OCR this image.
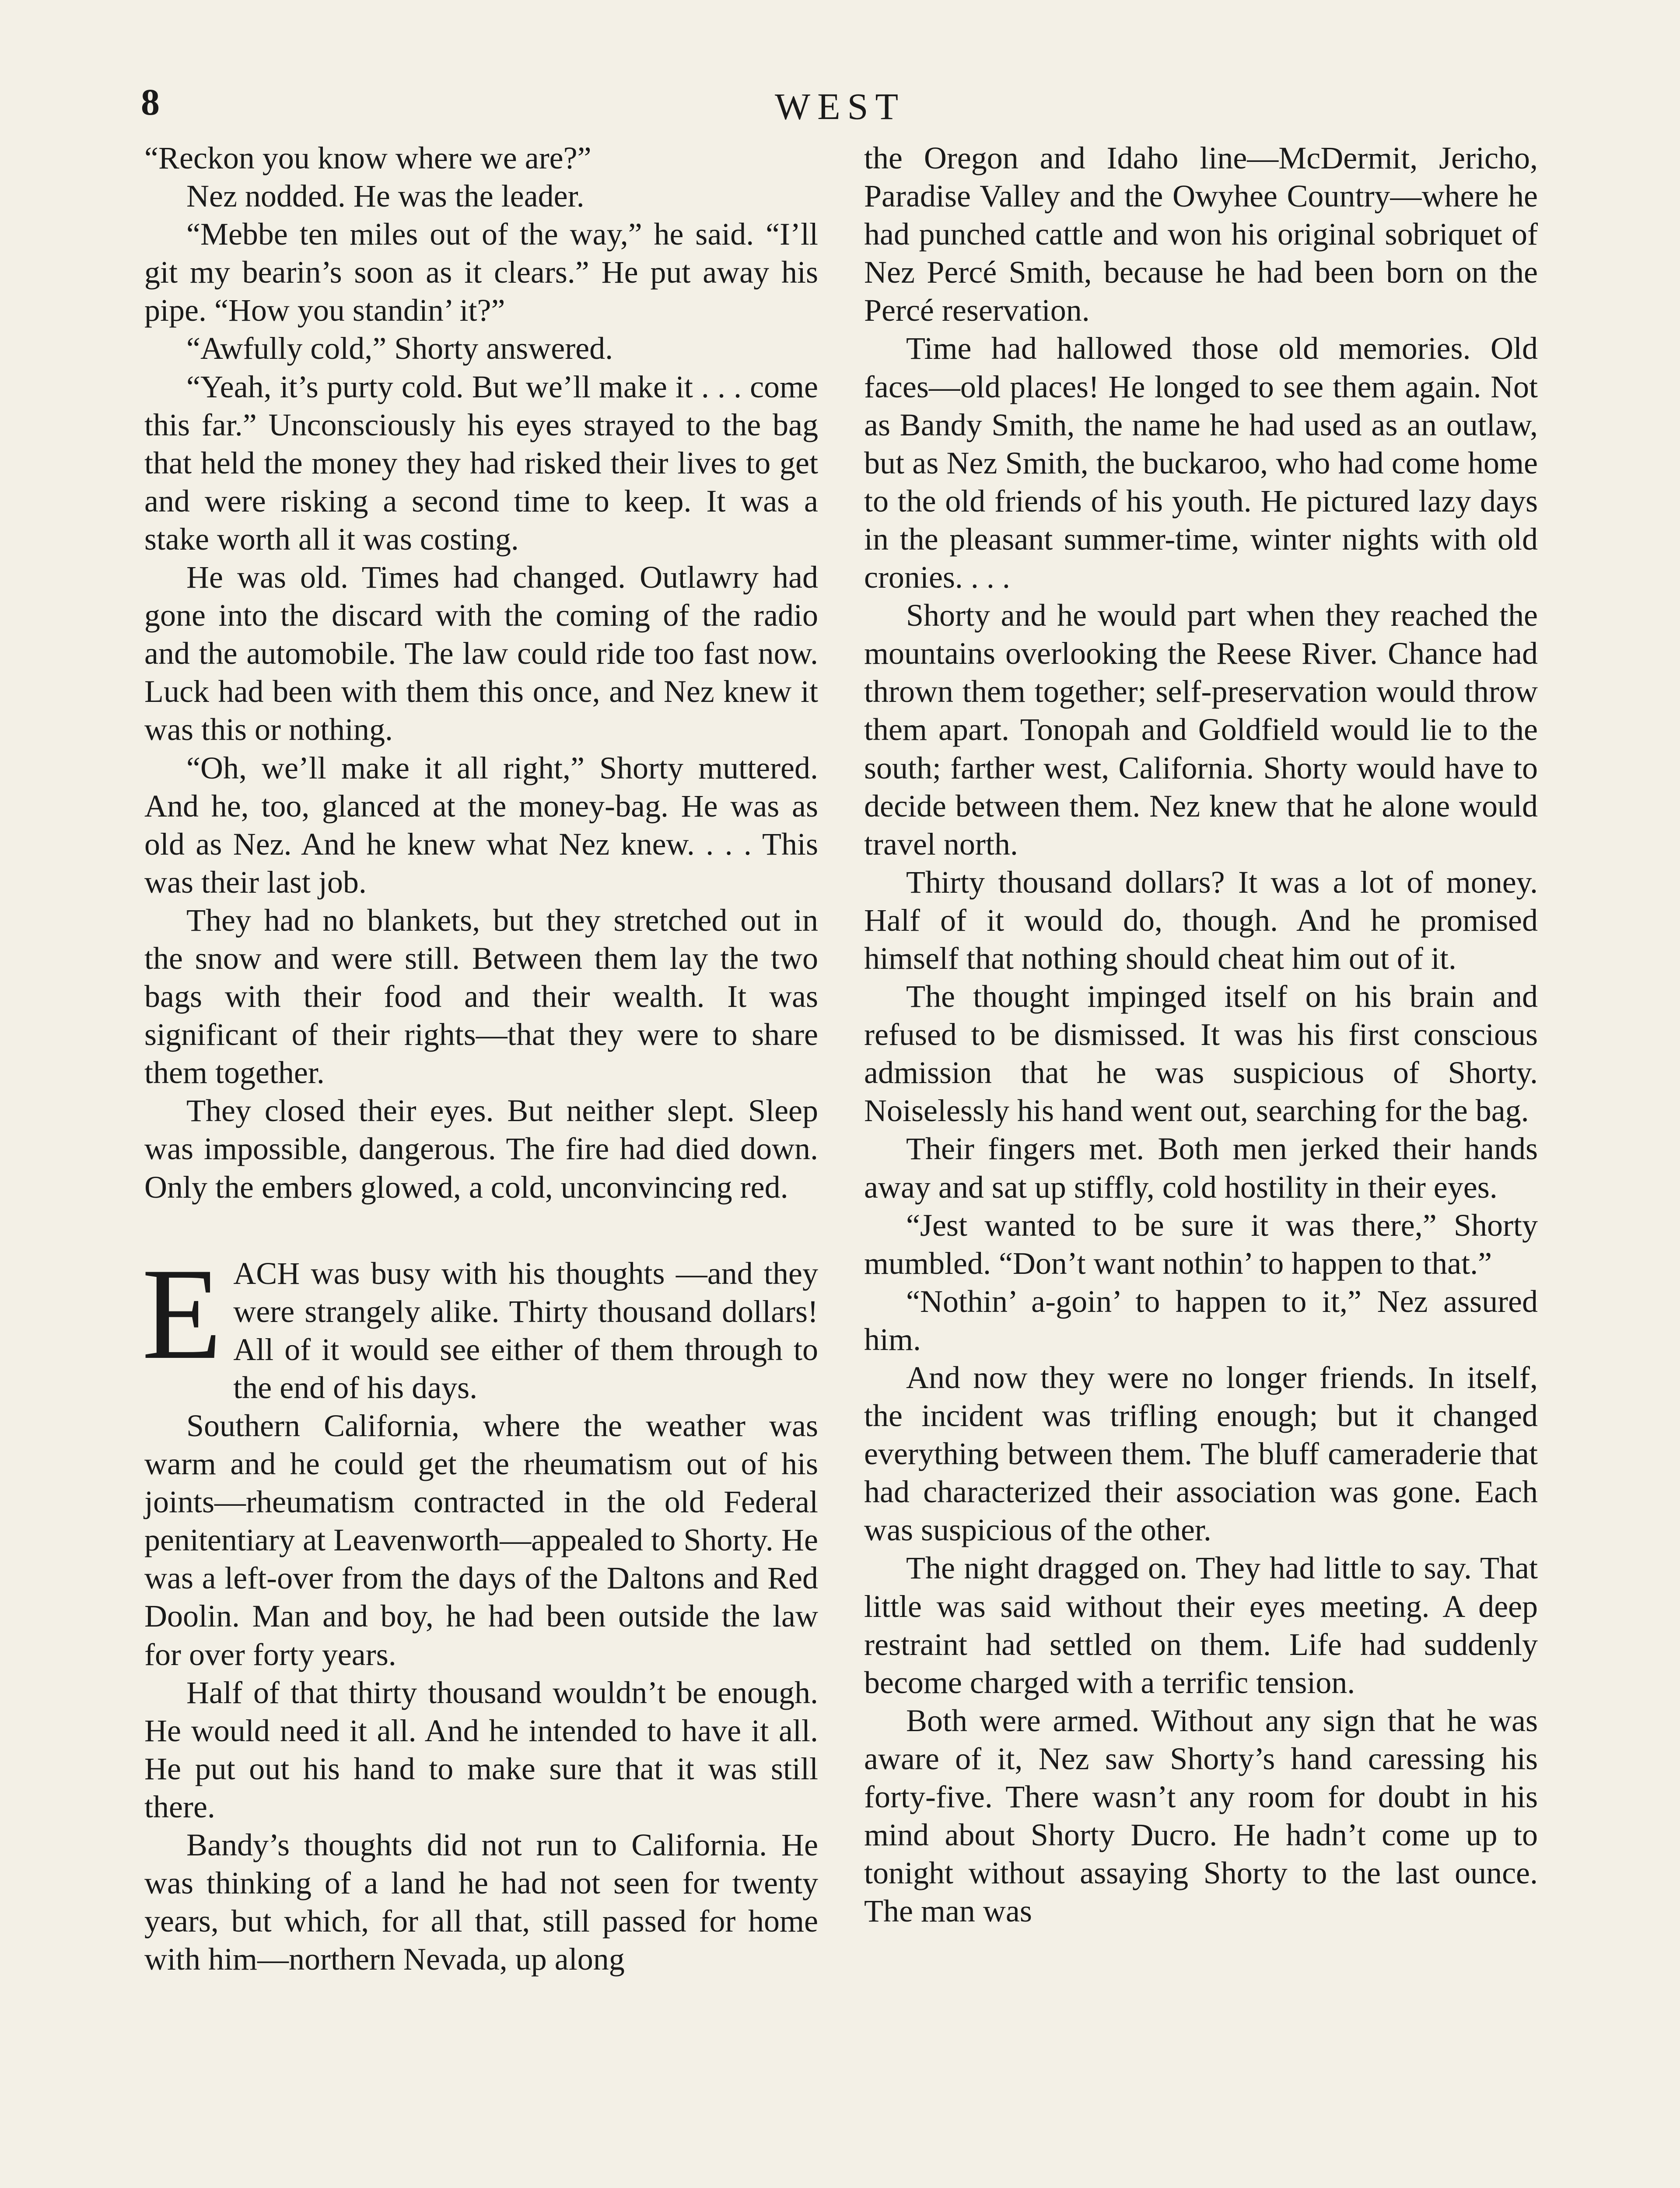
8	WEST

“Reckon you know where we are?”

Nez nodded. He was the leader.

“Mebbe ten miles out of the way,” he said. “I’ll git my bearin’s soon as it clears.” He put away his pipe. “How you standin’ it?”

“Awfully cold,” Shorty answered.

“Yeah, it’s purty cold. But we’ll make it . . . come this far.” Unconsciously his eyes strayed to the bag that held the money they had risked their lives to get and were risking a second time to keep. It was a stake worth all it was costing.

He was old. Times had changed. Outlawry had gone into the discard with the coming of the radio and the automobile. The law could ride too fast now. Luck had been with them this once, and Nez knew it was this or nothing.

“Oh, we’ll make it all right,” Shorty muttered. And he, too, glanced at the money-bag. He was as old as Nez. And he knew what Nez knew. . . . This was their last job.

They had no blankets, but they stretched out in the snow and were still. Between them lay the two bags with their food and their wealth. It was significant of their rights—that they were to share them together.

They closed their eyes. But neither slept. Sleep was impossible, dangerous. The fire had died down. Only the embers glowed, a cold, unconvincing red.

EACH was busy with his thoughts —and they were strangely alike. Thirty thousand dollars! All of it would see either of them through to the end of his days.

Southern California, where the weather was warm and he could get the rheumatism out of his joints—rheumatism contracted in the old Federal penitentiary at Leavenworth—appealed to Shorty. He was a left-over from the days of the Daltons and Red Doolin. Man and boy, he had been outside the law for over forty years.

Half of that thirty thousand wouldn’t be enough. He would need it all. And he intended to have it all. He put out his hand to make sure that it was still there.

Bandy’s thoughts did not run to California. He was thinking of a land he had not seen for twenty years, but which, for all that, still passed for home with him—northern Nevada, up along

the Oregon and Idaho line—McDermit, Jericho, Paradise Valley and the Owyhee Country—where he had punched cattle and won his original sobriquet of Nez Percé Smith, because he had been born on the Percé reservation.

Time had hallowed those old memories. Old faces—old places! He longed to see them again. Not as Bandy Smith, the name he had used as an outlaw, but as Nez Smith, the buckaroo, who had come home to the old friends of his youth. He pictured lazy days in the pleasant summer-time, winter nights with old cronies. . . .

Shorty and he would part when they reached the mountains overlooking the Reese River. Chance had thrown them together; self-preservation would throw them apart. Tonopah and Goldfield would lie to the south; farther west, California. Shorty would have to decide between them. Nez knew that he alone would travel north.

Thirty thousand dollars? It was a lot of money. Half of it would do, though. And he promised himself that nothing should cheat him out of it.

The thought impinged itself on his brain and refused to be dismissed. It was his first conscious admission that he was suspicious of Shorty. Noiselessly his hand went out, searching for the bag.

Their fingers met. Both men jerked their hands away and sat up stiffly, cold hostility in their eyes.

“Jest wanted to be sure it was there,” Shorty mumbled. “Don’t want nothin’ to happen to that.”

“Nothin’ a-goin’ to happen to it,” Nez assured him.

And now they were no longer friends. In itself, the incident was trifling enough; but it changed everything between them. The bluff cameraderie that had characterized their association was gone. Each was suspicious of the other.

The night dragged on. They had little to say. That little was said without their eyes meeting. A deep restraint had settled on them. Life had suddenly become charged with a terrific tension.

Both were armed. Without any sign that he was aware of it, Nez saw Shorty’s hand caressing his forty-five. There wasn’t any room for doubt in his mind about Shorty Ducro. He hadn’t come up to tonight without assaying Shorty to the last ounce. The man was
